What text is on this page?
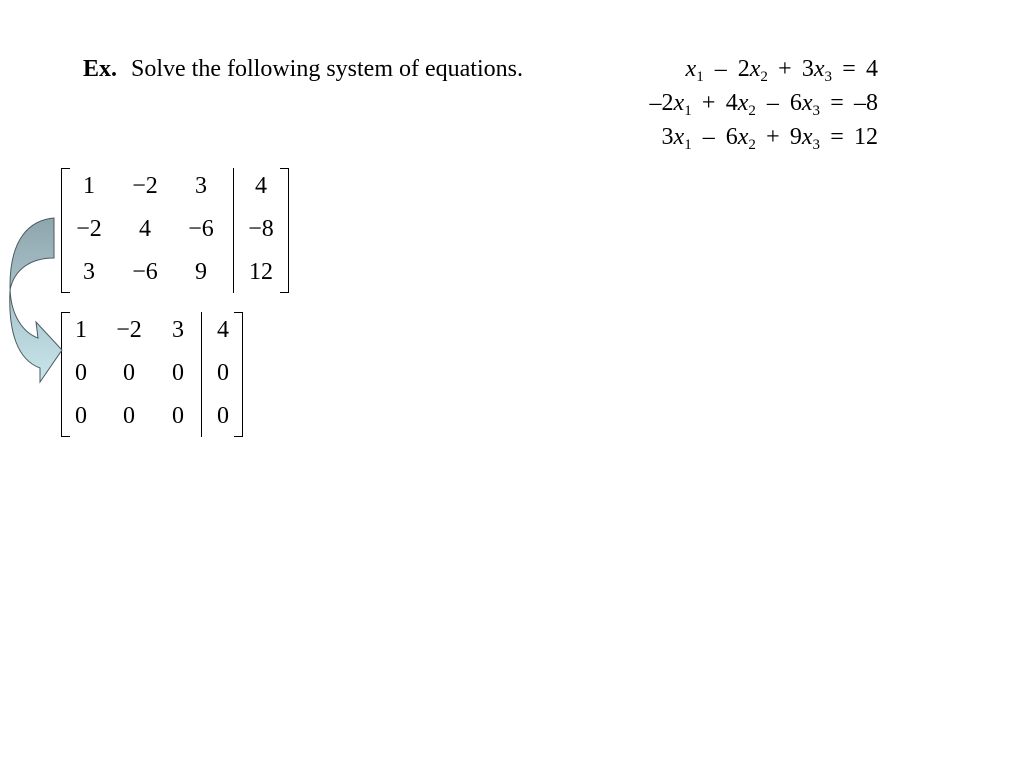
Ex. Solve the following system of equations.	$x_1 - 2x_2 + 3x_3 = 4$
$-2x_1 + 4x_2 - 6x_3 = -8$
$3x_1 - 6x_2 + 9x_3 = 12$
1	−2	3	4
−2	4	−6	−8
3	−6	9	12
1	−2	3	4
0	0	0	0
0	0	0	0
